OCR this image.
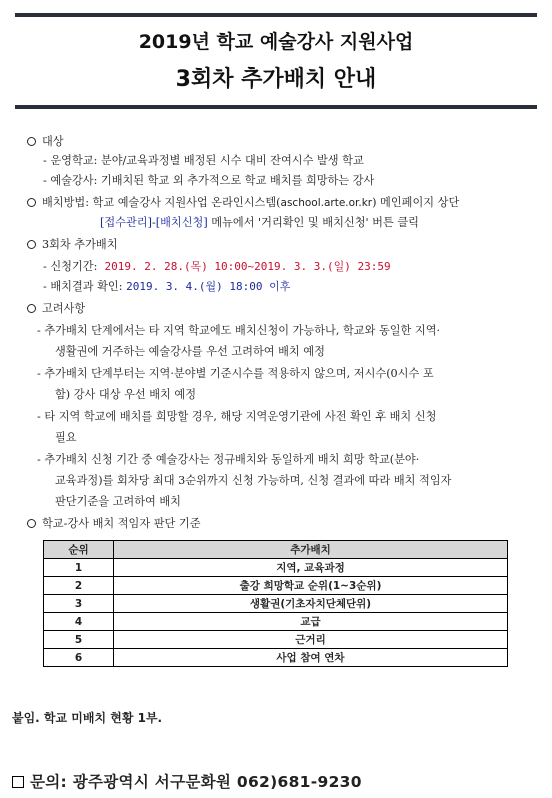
2019년 학교 예술강사 지원사업
3회차 추가배치 안내
대상
- 운영학교: 분야/교육과정별 배정된 시수 대비 잔여시수 발생 학교
- 예술강사: 기배치된 학교 외 추가적으로 학교 배치를 희망하는 강사
배치방법: 학교 예술강사 지원사업 온라인시스템(aschool.arte.or.kr) 메인페이지 상단
[접수관리]-[배치신청] 메뉴에서 '거리확인 및 배치신청' 버튼 클릭
3회차 추가배치
- 신청기간: 2019. 2. 28.(목) 10:00~2019. 3. 3.(일) 23:59
- 배치결과 확인: 2019. 3. 4.(월) 18:00 이후
고려사항
- 추가배치 단계에서는 타 지역 학교에도 배치신청이 가능하나, 학교와 동일한 지역·
생활권에 거주하는 예술강사를 우선 고려하여 배치 예정
- 추가배치 단계부터는 지역·분야별 기준시수를 적용하지 않으며, 저시수(0시수 포
함) 강사 대상 우선 배치 예정
- 타 지역 학교에 배치를 희망할 경우, 해당 지역운영기관에 사전 확인 후 배치 신청
필요
- 추가배치 신청 기간 중 예술강사는 정규배치와 동일하게 배치 희망 학교(분야·
교육과정)를 회차당 최대 3순위까지 신청 가능하며, 신청 결과에 따라 배치 적임자
판단기준을 고려하여 배치
학교-강사 배치 적임자 판단 기준
순위	추가배치
1	지역, 교육과정
2	출강 희망학교 순위(1~3순위)
3	생활권(기초자치단체단위)
4	교급
5	근거리
6	사업 참여 연차
붙임. 학교 미배치 현황 1부.
문의: 광주광역시 서구문화원 062)681-9230
